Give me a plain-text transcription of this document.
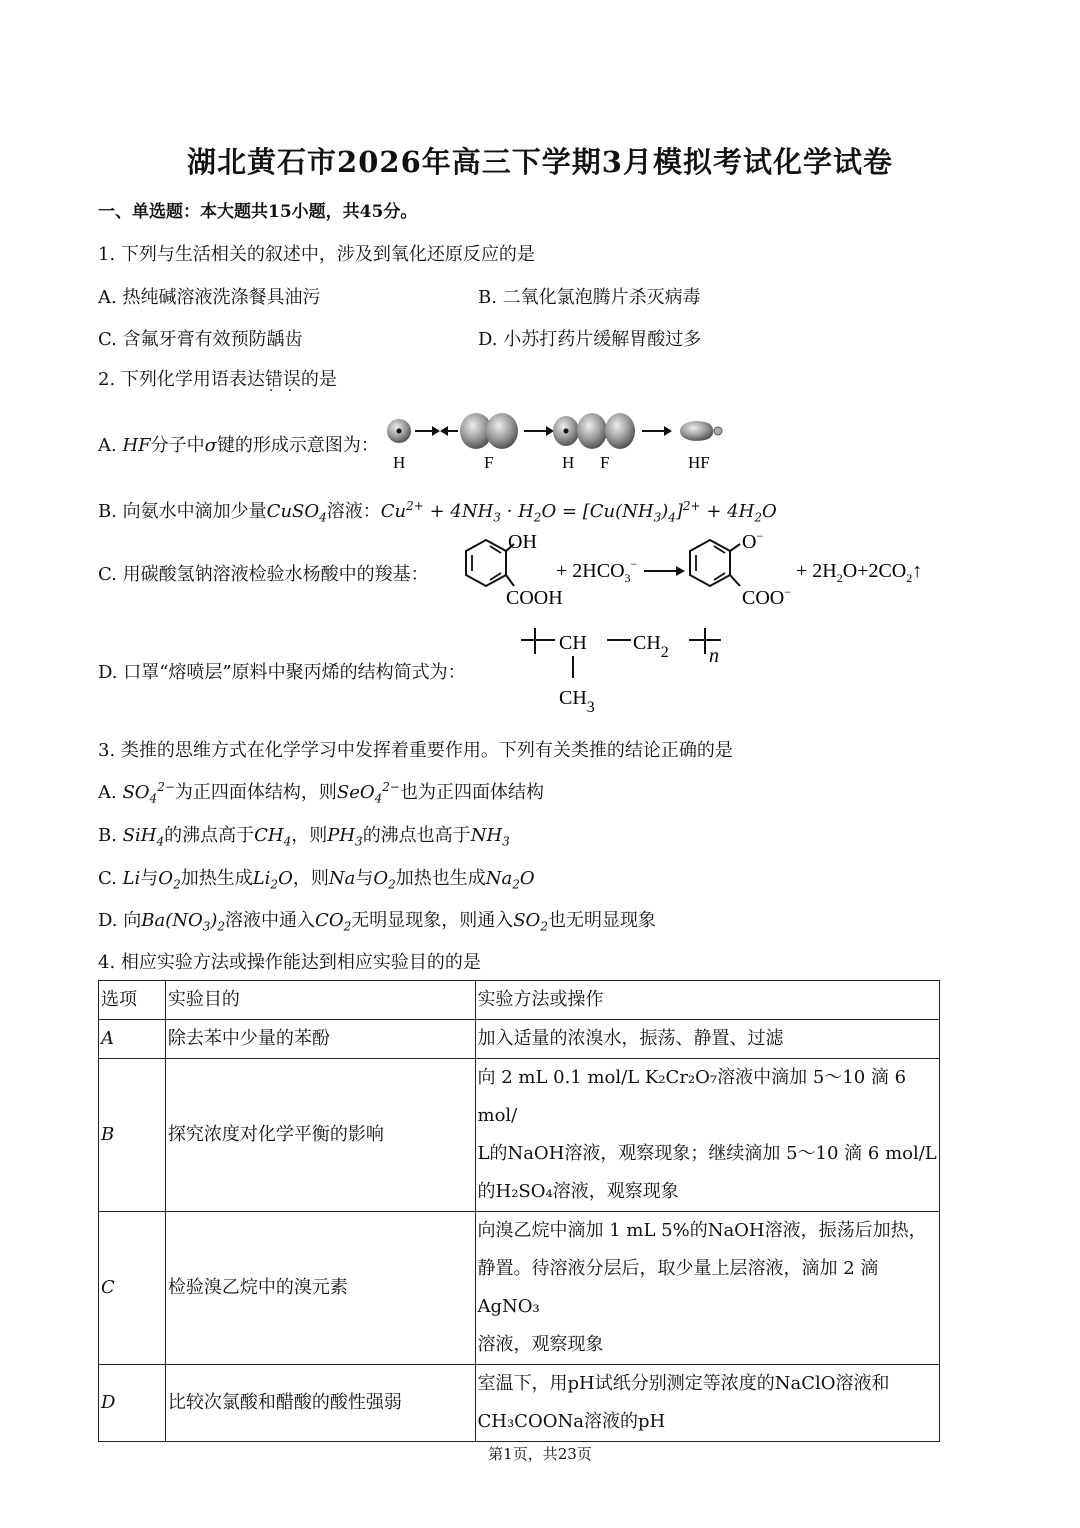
湖北黄石市2026年高三下学期3月模拟考试化学试卷
一、单选题：本大题共15小题，共45分。
1. 下列与生活相关的叙述中，涉及到氧化还原反应的是
A. 热纯碱溶液洗涤餐具油污	B. 二氧化氯泡腾片杀灭病毒
C. 含氟牙膏有效预防龋齿	D. 小苏打药片缓解胃酸过多
2. 下列化学用语表达错误 · ·的是
A. HF分子中σ键的形成示意图为：
H	F	H F	HF
B. 向氨水中滴加少量CuSO$_4$溶液：$Cu^{2+} + 4NH_3 \cdot H_2O = [Cu(NH_3)_4]^{2+} + 4H_2O$
C. 用碳酸氢钠溶液检验水杨酸中的羧基：
OH
COOH
+ $2HCO_3^-$
O−
COO−
+ $2H_2O+2CO_2↑$
D. 口罩“熔喷层”原料中聚丙烯的结构简式为：
CH $CH_2$ n
$CH_3$
3. 类推的思维方式在化学学习中发挥着重要作用。下列有关类推的结论正确的是
A. $SO_4^{2-}$为正四面体结构，则SeO$_4^{2-}$也为正四面体结构
B. SiH$_4$的沸点高于$CH_4$，则$PH_3$的沸点也高于$NH_3$
C. Li与$O_2$加热生成$Li_2O$，则Na与$O_2$加热也生成$Na_2O$
D. 向$Ba(NO_3)_2$溶液中通入$CO_2$无明显现象，则通入$SO_2$也无明显现象
4. 相应实验方法或操作能达到相应实验目的的是
选项	实验目的	实验方法或操作
A	除去苯中少量的苯酚	加入适量的浓溴水，振荡、静置、过滤

B	探究浓度对化学平衡的影响	向 2 mL 0.1 mol/L K₂Cr₂O₇溶液中滴加 5～10 滴 6 mol/
L的NaOH溶液，观察现象；继续滴加 5～10 滴 6 mol/L
的H₂SO₄溶液，观察现象

C	检验溴乙烷中的溴元素	向溴乙烷中滴加 1 mL 5%的NaOH溶液，振荡后加热，
静置。待溶液分层后，取少量上层溶液，滴加 2 滴AgNO₃
溶液，观察现象

D	比较次氯酸和醋酸的酸性强弱	室温下，用pH试纸分别测定等浓度的NaClO溶液和
CH₃COONa溶液的pH
第1页，共23页
